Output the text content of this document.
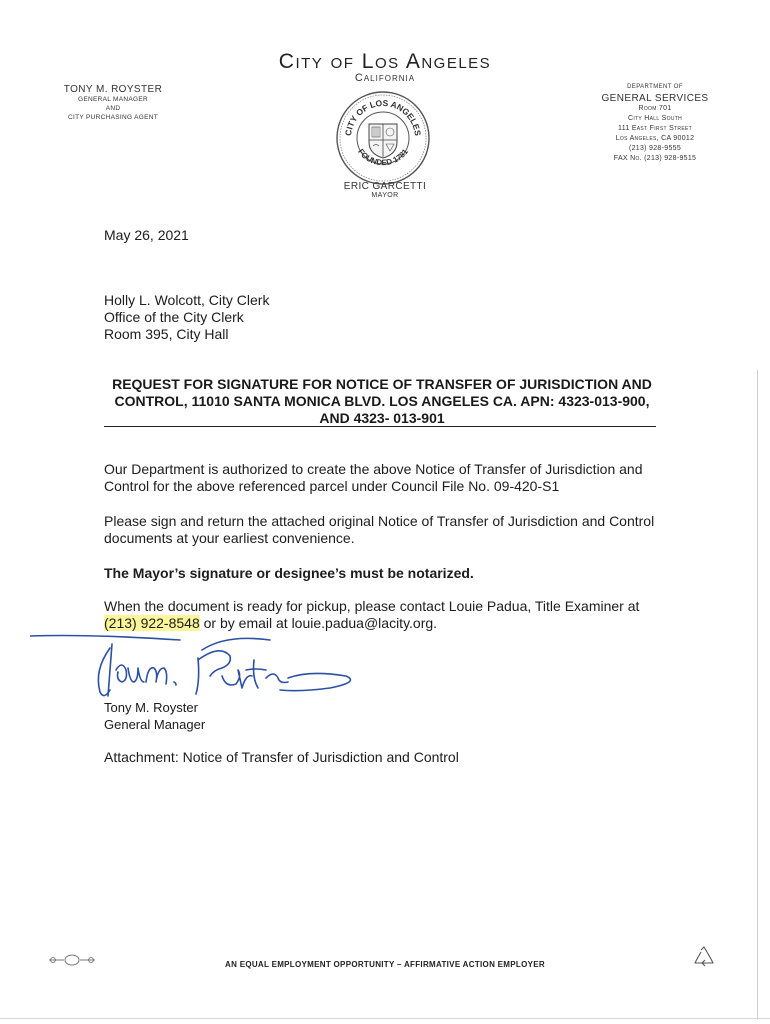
City of Los Angeles
California
TONY M. ROYSTER
GENERAL MANAGER
AND
CITY PURCHASING AGENT
DEPARTMENT OF
GENERAL SERVICES
Room 701
City Hall South
111 East First Street
Los Angeles, CA 90012
(213) 928-9555
FAX No. (213) 928-9515
CITY OF LOS ANGELES
FOUNDED 1781
ERIC GARCETTI
MAYOR
May 26, 2021
Holly L. Wolcott, City Clerk
Office of the City Clerk
Room 395, City Hall
REQUEST FOR SIGNATURE FOR NOTICE OF TRANSFER OF JURISDICTION AND
CONTROL, 11010 SANTA MONICA BLVD. LOS ANGELES CA. APN: 4323-013-900,
AND 4323- 013-901
Our Department is authorized to create the above Notice of Transfer of Jurisdiction and Control for the above referenced parcel under Council File No. 09-420-S1
Please sign and return the attached original Notice of Transfer of Jurisdiction and Control documents at your earliest convenience.
The Mayor’s signature or designee’s must be notarized.
When the document is ready for pickup, please contact Louie Padua, Title Examiner at
(213) 922-8548 or by email at louie.padua@lacity.org.
Tony M. Royster
General Manager
Attachment: Notice of Transfer of Jurisdiction and Control
AN EQUAL EMPLOYMENT OPPORTUNITY – AFFIRMATIVE ACTION EMPLOYER
